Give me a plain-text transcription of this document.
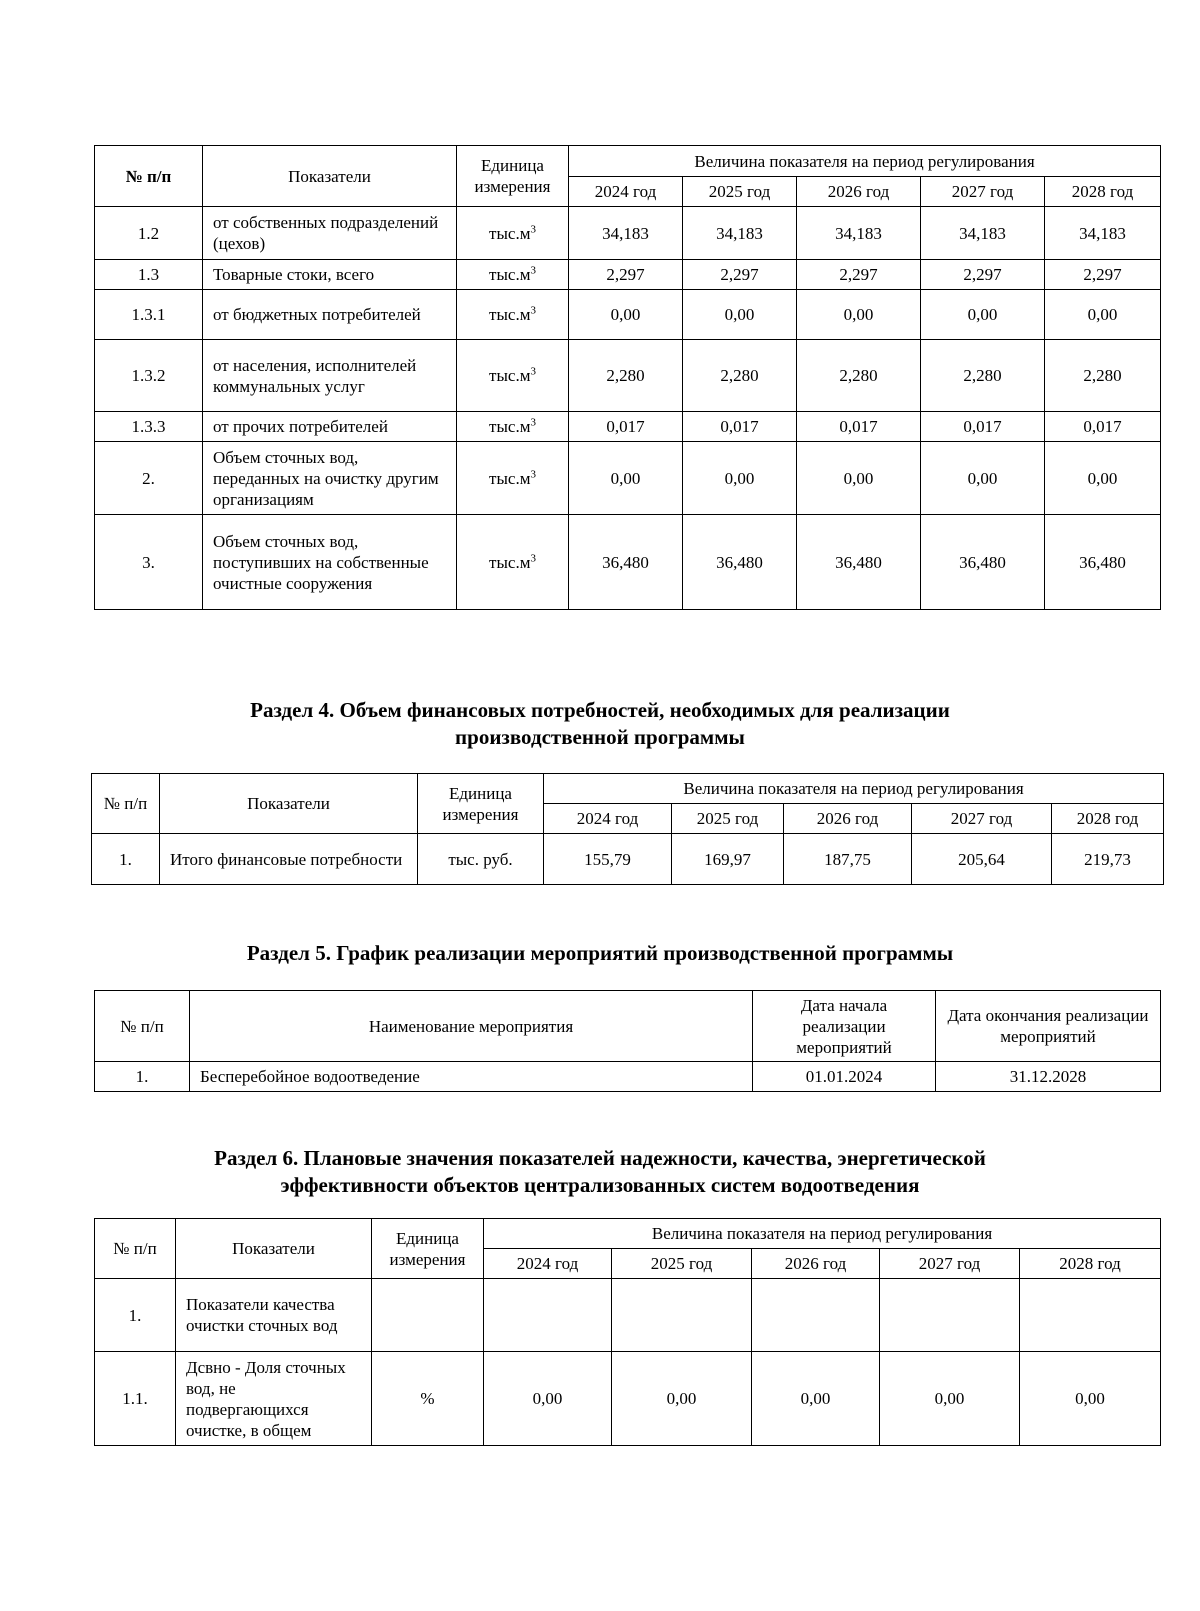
№ п/п	Показатели	Единица измерения	Величина показателя на период регулирования				
			2024 год	2025 год	2026 год	2027 год	2028 год
1.2	от собственных подразделений (цехов)	$тыс.м^3$	34,183	34,183	34,183	34,183	34,183
1.3	Товарные стоки, всего	$тыс.м^3$	2,297	2,297	2,297	2,297	2,297
1.3.1	от бюджетных потребителей	$тыс.м^3$	0,00	0,00	0,00	0,00	0,00
1.3.2	от населения, исполнителей коммунальных услуг	$тыс.м^3$	2,280	2,280	2,280	2,280	2,280
1.3.3	от прочих потребителей	$тыс.м^3$	0,017	0,017	0,017	0,017	0,017
2.	Объем сточных вод, переданных на очистку другим организациям	$тыс.м^3$	0,00	0,00	0,00	0,00	0,00
3.	Объем сточных вод, поступивших на собственные очистные сооружения	$тыс.м^3$	36,480	36,480	36,480	36,480	36,480
Раздел 4. Объем финансовых потребностей, необходимых для реализации
производственной программы
№ п/п	Показатели	Единица измерения	Величина показателя на период регулирования				
			2024 год	2025 год	2026 год	2027 год	2028 год
1.	Итого финансовые потребности	тыс. руб.	155,79	169,97	187,75	205,64	219,73
Раздел 5. График реализации мероприятий производственной программы
№ п/п	Наименование мероприятия	Дата начала реализации мероприятий	Дата окончания реализации мероприятий
1.	Бесперебойное водоотведение	01.01.2024	31.12.2028
Раздел 6. Плановые значения показателей надежности, качества, энергетической
эффективности объектов централизованных систем водоотведения
№ п/п	Показатели	Единица измерения	Величина показателя на период регулирования				
			2024 год	2025 год	2026 год	2027 год	2028 год
1.	Показатели качества очистки сточных вод						
1.1.	Дсвно - Доля сточных вод, не подвергающихся очистке, в общем	%	0,00	0,00	0,00	0,00	0,00
